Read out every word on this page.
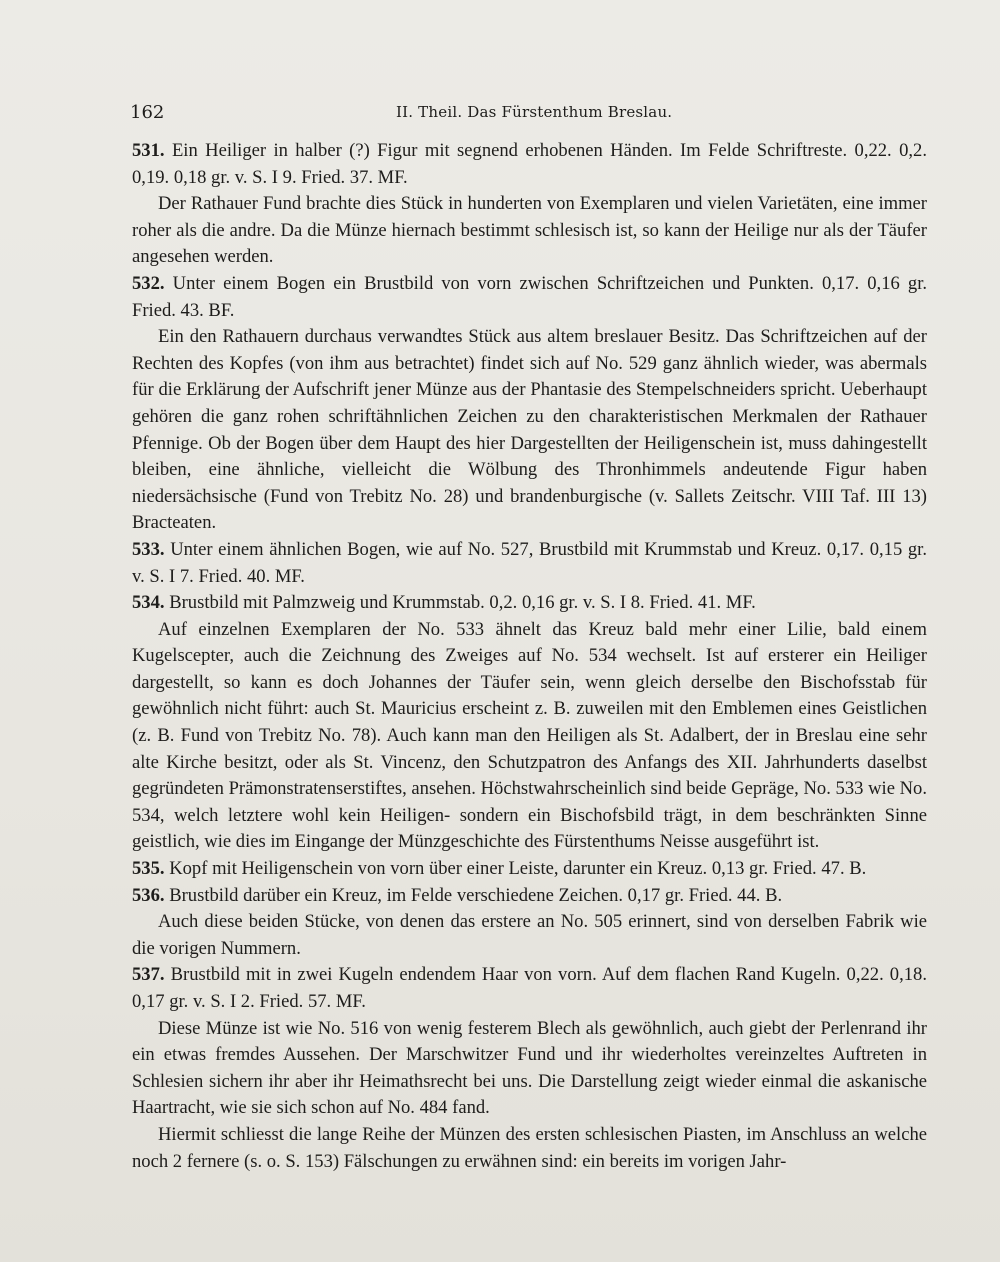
162	II. Theil. Das Fürstenthum Breslau.

531. Ein Heiliger in halber (?) Figur mit segnend erhobenen Händen. Im Felde Schriftreste. 0,22. 0,2. 0,19. 0,18 gr. v. S. I 9. Fried. 37. MF.

Der Rathauer Fund brachte dies Stück in hunderten von Exemplaren und vielen Varietäten, eine immer roher als die andre. Da die Münze hiernach bestimmt schlesisch ist, so kann der Heilige nur als der Täufer angesehen werden.

532. Unter einem Bogen ein Brustbild von vorn zwischen Schriftzeichen und Punkten. 0,17. 0,16 gr. Fried. 43. BF.

Ein den Rathauern durchaus verwandtes Stück aus altem breslauer Besitz. Das Schriftzeichen auf der Rechten des Kopfes (von ihm aus betrachtet) findet sich auf No. 529 ganz ähnlich wieder, was abermals für die Erklärung der Aufschrift jener Münze aus der Phantasie des Stempelschneiders spricht. Ueberhaupt gehören die ganz rohen schriftähnlichen Zeichen zu den charakteristischen Merkmalen der Rathauer Pfennige. Ob der Bogen über dem Haupt des hier Dargestellten der Heiligenschein ist, muss dahingestellt bleiben, eine ähnliche, vielleicht die Wölbung des Thronhimmels andeutende Figur haben niedersächsische (Fund von Trebitz No. 28) und brandenburgische (v. Sallets Zeitschr. VIII Taf. III 13) Bracteaten.

533. Unter einem ähnlichen Bogen, wie auf No. 527, Brustbild mit Krummstab und Kreuz. 0,17. 0,15 gr. v. S. I 7. Fried. 40. MF.

534. Brustbild mit Palmzweig und Krummstab. 0,2. 0,16 gr. v. S. I 8. Fried. 41. MF.

Auf einzelnen Exemplaren der No. 533 ähnelt das Kreuz bald mehr einer Lilie, bald einem Kugelscepter, auch die Zeichnung des Zweiges auf No. 534 wechselt. Ist auf ersterer ein Heiliger dargestellt, so kann es doch Johannes der Täufer sein, wenn gleich derselbe den Bischofsstab für gewöhnlich nicht führt: auch St. Mauricius erscheint z. B. zuweilen mit den Emblemen eines Geistlichen (z. B. Fund von Trebitz No. 78). Auch kann man den Heiligen als St. Adalbert, der in Breslau eine sehr alte Kirche besitzt, oder als St. Vincenz, den Schutzpatron des Anfangs des XII. Jahrhunderts daselbst gegründeten Prämonstratenserstiftes, ansehen. Höchstwahrscheinlich sind beide Gepräge, No. 533 wie No. 534, welch letztere wohl kein Heiligen- sondern ein Bischofsbild trägt, in dem beschränkten Sinne geistlich, wie dies im Eingange der Münzgeschichte des Fürstenthums Neisse ausgeführt ist.

535. Kopf mit Heiligenschein von vorn über einer Leiste, darunter ein Kreuz. 0,13 gr. Fried. 47. B.

536. Brustbild darüber ein Kreuz, im Felde verschiedene Zeichen. 0,17 gr. Fried. 44. B.

Auch diese beiden Stücke, von denen das erstere an No. 505 erinnert, sind von derselben Fabrik wie die vorigen Nummern.

537. Brustbild mit in zwei Kugeln endendem Haar von vorn. Auf dem flachen Rand Kugeln. 0,22. 0,18. 0,17 gr. v. S. I 2. Fried. 57. MF.

Diese Münze ist wie No. 516 von wenig festerem Blech als gewöhnlich, auch giebt der Perlenrand ihr ein etwas fremdes Aussehen. Der Marschwitzer Fund und ihr wiederholtes vereinzeltes Auftreten in Schlesien sichern ihr aber ihr Heimathsrecht bei uns. Die Darstellung zeigt wieder einmal die askanische Haartracht, wie sie sich schon auf No. 484 fand.

Hiermit schliesst die lange Reihe der Münzen des ersten schlesischen Piasten, im Anschluss an welche noch 2 fernere (s. o. S. 153) Fälschungen zu erwähnen sind: ein bereits im vorigen Jahr-
